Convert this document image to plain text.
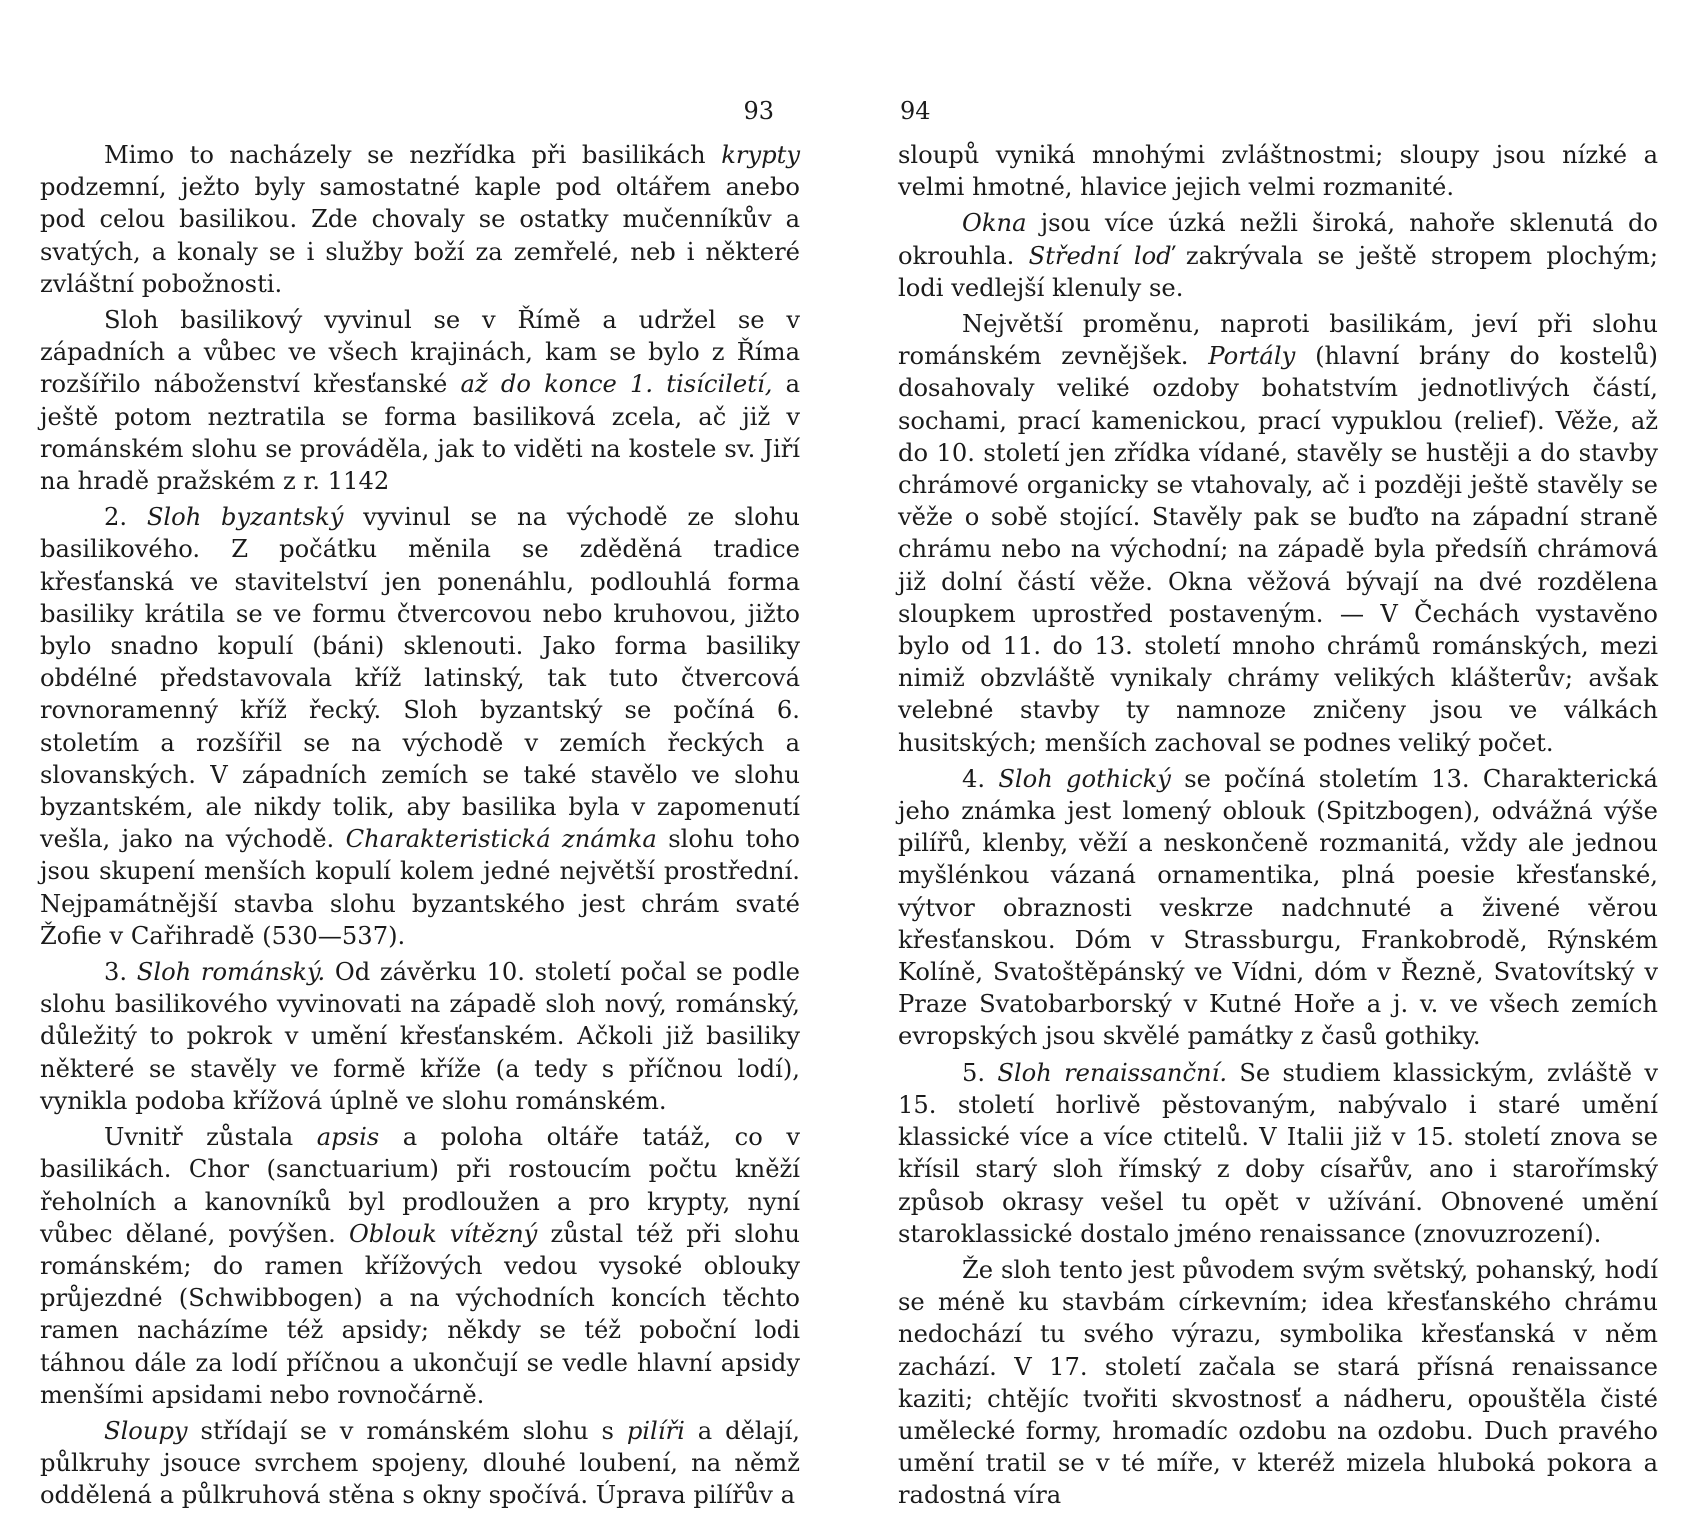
93

Mimo to nacházely se nezřídka při basilikách krypty podzemní, ježto byly samostatné kaple pod oltářem anebo pod celou basilikou. Zde chovaly se ostatky mučenníkův a svatých, a konaly se i služby boží za zemřelé, neb i některé zvláštní pobožnosti.

Sloh basilikový vyvinul se v Římě a udržel se v západních a vůbec ve všech krajinách, kam se bylo z Říma rozšířilo náboženství křesťanské až do konce 1. tisíciletí, a ještě potom neztratila se forma basiliková zcela, ač již v románském slohu se prováděla, jak to viděti na kostele sv. Jiří na hradě pražském z r. 1142

2. Sloh byzantský vyvinul se na východě ze slohu basilikového. Z počátku měnila se zděděná tradice křesťanská ve stavitelství jen ponenáhlu, podlouhlá forma basiliky krátila se ve formu čtvercovou nebo kruhovou, jižto bylo snadno kopulí (báni) sklenouti. Jako forma basiliky obdélné představovala kříž latinský, tak tuto čtvercová rovnoramenný kříž řecký. Sloh byzantský se počíná 6. stoletím a rozšířil se na východě v zemích řeckých a slovanských. V západních zemích se také stavělo ve slohu byzantském, ale nikdy tolik, aby basilika byla v zapomenutí vešla, jako na východě. Charakteristická známka slohu toho jsou skupení menších kopulí kolem jedné největší prostřední. Nejpamátnější stavba slohu byzantského jest chrám svaté Žofie v Cařihradě (530—537).

3. Sloh románský. Od závěrku 10. století počal se podle slohu basilikového vyvinovati na západě sloh nový, románský, důležitý to pokrok v umění křesťanském. Ačkoli již basiliky některé se stavěly ve formě kříže (a tedy s příčnou lodí), vynikla podoba křížová úplně ve slohu románském.

Uvnitř zůstala apsis a poloha oltáře tatáž, co v basilikách. Chor (sanctuarium) při rostoucím počtu kněží řeholních a kanovníků byl prodloužen a pro krypty, nyní vůbec dělané, povýšen. Oblouk vítězný zůstal též při slohu románském; do ramen křížových vedou vysoké oblouky průjezdné (Schwibbogen) a na východních koncích těchto ramen nacházíme též apsidy; někdy se též poboční lodi táhnou dále za lodí příčnou a ukončují se vedle hlavní apsidy menšími apsidami nebo rovnočárně.

Sloupy střídají se v románském slohu s pilíři a dělají, půlkruhy jsouce svrchem spojeny, dlouhé loubení, na němž oddělená a půlkruhová stěna s okny spočívá. Úprava pilířův a

94

sloupů vyniká mnohými zvláštnostmi; sloupy jsou nízké a velmi hmotné, hlavice jejich velmi rozmanité.

Okna jsou více úzká nežli široká, nahoře sklenutá do okrouhla. Střední loď zakrývala se ještě stropem plochým; lodi vedlejší klenuly se.

Největší proměnu, naproti basilikám, jeví při slohu románském zevnějšek. Portály (hlavní brány do kostelů) dosahovaly veliké ozdoby bohatstvím jednotlivých částí, sochami, prací kamenickou, prací vypuklou (relief). Věže, až do 10. století jen zřídka vídané, stavěly se hustěji a do stavby chrámové organicky se vtahovaly, ač i později ještě stavěly se věže o sobě stojící. Stavěly pak se buďto na západní straně chrámu nebo na východní; na západě byla předsíň chrámová již dolní částí věže. Okna věžová bývají na dvé rozdělena sloupkem uprostřed postaveným. — V Čechách vystavěno bylo od 11. do 13. století mnoho chrámů románských, mezi nimiž obzvláště vynikaly chrámy velikých klášterův; avšak velebné stavby ty namnoze zničeny jsou ve válkách husitských; menších zachoval se podnes veliký počet.

4. Sloh gothický se počíná stoletím 13. Charakterická jeho známka jest lomený oblouk (Spitzbogen), odvážná výše pilířů, klenby, věží a neskončeně rozmanitá, vždy ale jednou myšlénkou vázaná ornamentika, plná poesie křesťanské, výtvor obraznosti veskrze nadchnuté a živené věrou křesťanskou. Dóm v Strassburgu, Frankobrodě, Rýnském Kolíně, Svatoštěpánský ve Vídni, dóm v Řezně, Svatovítský v Praze Svatobarborský v Kutné Hoře a j. v. ve všech zemích evropských jsou skvělé památky z časů gothiky.

5. Sloh renaissanční. Se studiem klassickým, zvláště v 15. století horlivě pěstovaným, nabývalo i staré umění klassické více a více ctitelů. V Italii již v 15. století znova se křísil starý sloh římský z doby císařův, ano i starořímský způsob okrasy vešel tu opět v užívání. Obnovené umění staroklassické dostalo jméno renaissance (znovuzrození).

Že sloh tento jest původem svým světský, pohanský, hodí se méně ku stavbám církevním; idea křesťanského chrámu nedochází tu svého výrazu, symbolika křesťanská v něm zachází. V 17. století začala se stará přísná renaissance kaziti; chtějíc tvořiti skvostnosť a nádheru, opouštěla čisté umělecké formy, hromadíc ozdobu na ozdobu. Duch pravého umění tratil se v té míře, v kteréž mizela hluboká pokora a radostná víra
